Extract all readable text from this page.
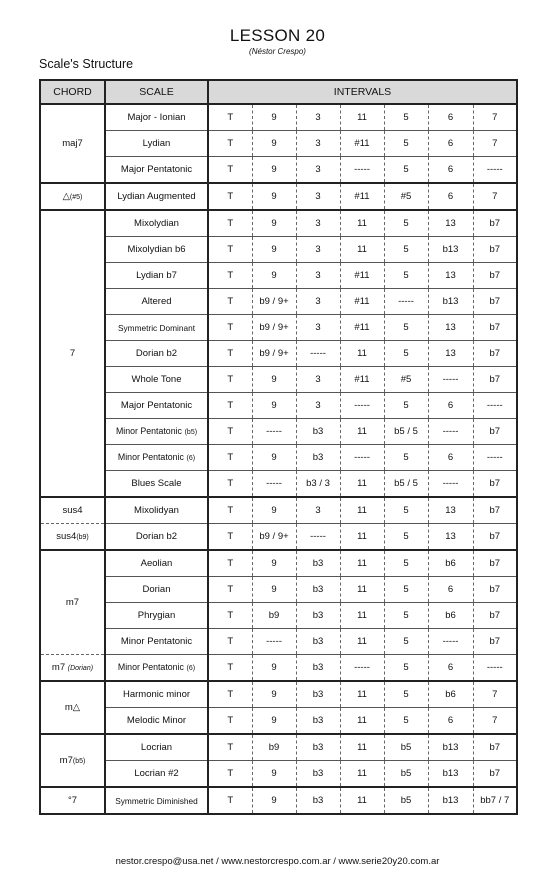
LESSON 20
(Néstor Crespo)
Scale's Structure
CHORD	SCALE	INTERVALS						
maj7	Major - Ionian	T	9	3	11	5	6	7
	Lydian	T	9	3	#11	5	6	7
	Major Pentatonic	T	9	3	-----	5	6	-----
△(#5)	Lydian Augmented	T	9	3	#11	#5	6	7
7	Mixolydian	T	9	3	11	5	13	b7
	Mixolydian b6	T	9	3	11	5	b13	b7
	Lydian b7	T	9	3	#11	5	13	b7
	Altered	T	b9 / 9+	3	#11	-----	b13	b7
	Symmetric Dominant	T	b9 / 9+	3	#11	5	13	b7
	Dorian b2	T	b9 / 9+	-----	11	5	13	b7
	Whole Tone	T	9	3	#11	#5	-----	b7
	Major Pentatonic	T	9	3	-----	5	6	-----
	Minor Pentatonic (b5)	T	-----	b3	11	b5 / 5	-----	b7
	Minor Pentatonic (6)	T	9	b3	-----	5	6	-----
	Blues Scale	T	-----	b3 / 3	11	b5 / 5	-----	b7
sus4	Mixolidyan	T	9	3	11	5	13	b7
sus4(b9)	Dorian b2	T	b9 / 9+	-----	11	5	13	b7
m7	Aeolian	T	9	b3	11	5	b6	b7
	Dorian	T	9	b3	11	5	6	b7
	Phrygian	T	b9	b3	11	5	b6	b7
	Minor Pentatonic	T	-----	b3	11	5	-----	b7
m7 (Dorian)	Minor Pentatonic (6)	T	9	b3	-----	5	6	-----
m△	Harmonic minor	T	9	b3	11	5	b6	7
	Melodic Minor	T	9	b3	11	5	6	7
m7(b5)	Locrian	T	b9	b3	11	b5	b13	b7
	Locrian #2	T	9	b3	11	b5	b13	b7
°7	Symmetric Diminished	T	9	b3	11	b5	b13	bb7 / 7
nestor.crespo@usa.net / www.nestorcrespo.com.ar / www.serie20y20.com.ar
